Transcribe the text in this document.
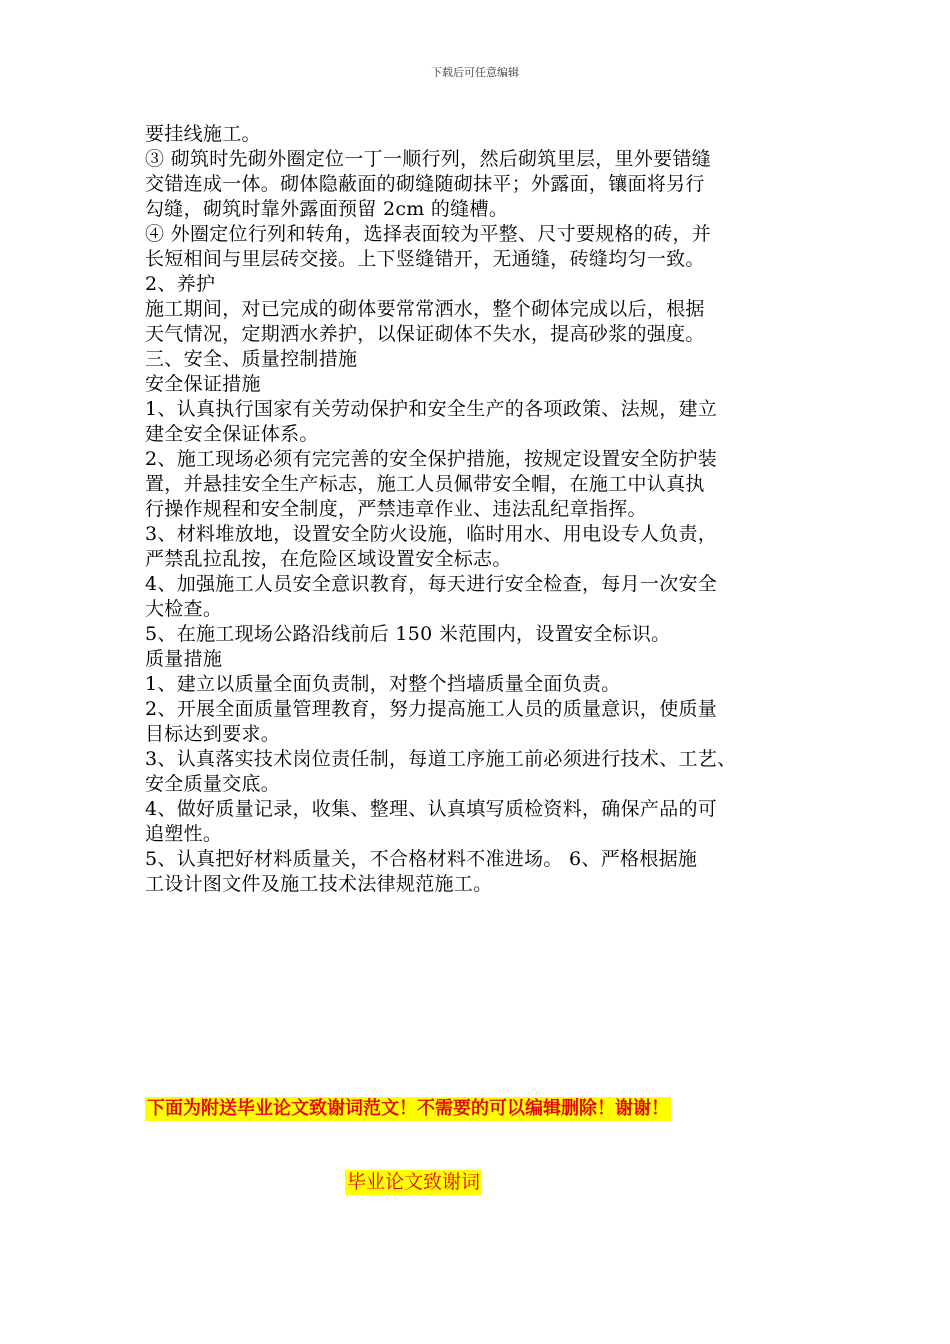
下载后可任意编辑

要挂线施工。

③ 砌筑时先砌外圈定位一丁一顺行列，然后砌筑里层，里外要错缝

交错连成一体。砌体隐蔽面的砌缝随砌抹平；外露面，镶面将另行

勾缝，砌筑时靠外露面预留 2cm 的缝槽。

④ 外圈定位行列和转角，选择表面较为平整、尺寸要规格的砖，并

长短相间与里层砖交接。上下竖缝错开，无通缝，砖缝均匀一致。

2、养护

施工期间，对已完成的砌体要常常洒水，整个砌体完成以后，根据

天气情况，定期洒水养护，以保证砌体不失水，提高砂浆的强度。

三、安全、质量控制措施

安全保证措施

1、认真执行国家有关劳动保护和安全生产的各项政策、法规，建立

建全安全保证体系。

2、施工现场必须有完完善的安全保护措施，按规定设置安全防护装

置，并悬挂安全生产标志，施工人员佩带安全帽，在施工中认真执

行操作规程和安全制度，严禁违章作业、违法乱纪章指挥。

3、材料堆放地，设置安全防火设施，临时用水、用电设专人负责，

严禁乱拉乱按，在危险区域设置安全标志。

4、加强施工人员安全意识教育，每天进行安全检查，每月一次安全

大检查。

5、在施工现场公路沿线前后 150 米范围内，设置安全标识。

质量措施

1、建立以质量全面负责制，对整个挡墙质量全面负责。

2、开展全面质量管理教育，努力提高施工人员的质量意识，使质量

目标达到要求。

3、认真落实技术岗位责任制，每道工序施工前必须进行技术、工艺、

安全质量交底。

4、做好质量记录，收集、整理、认真填写质检资料，确保产品的可

追塑性。

5、认真把好材料质量关，不合格材料不准进场。 6、严格根据施

工设计图文件及施工技术法律规范施工。

下面为附送毕业论文致谢词范文！不需要的可以编辑删除！谢谢！
毕业论文致谢词
